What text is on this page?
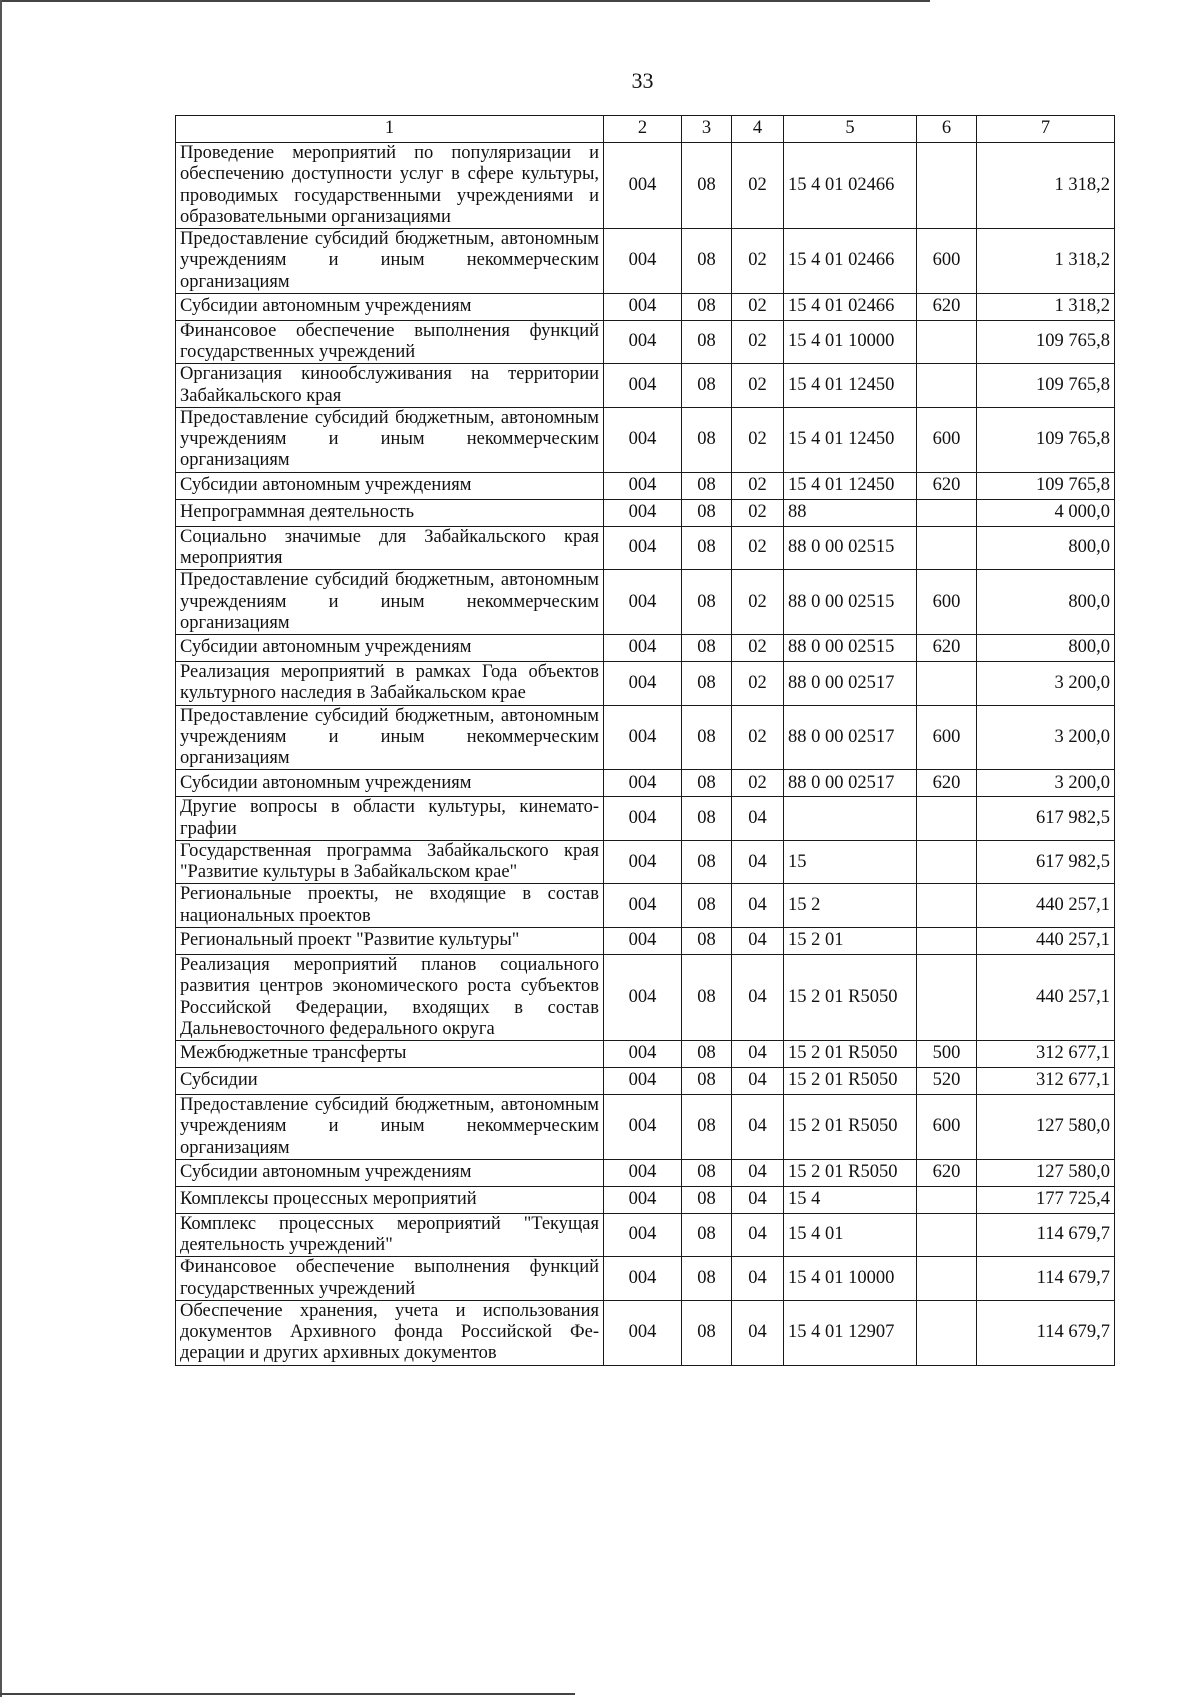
33
1	2	3	4	5	6	7
Проведение мероприятий по популяризации и обеспечению доступности услуг в сфере культуры, проводимых государственными учреждениями и образовательными организациями	004	08	02	15 4 01 02466		1 318,2
Предоставление субсидий бюджетным, автономным учреждениям и иным некоммерческим организациям	004	08	02	15 4 01 02466	600	1 318,2
Субсидии автономным учреждениям	004	08	02	15 4 01 02466	620	1 318,2
Финансовое обеспечение выполнения функций государственных учреждений	004	08	02	15 4 01 10000		109 765,8
Организация кинообслуживания на территории Забайкальского края	004	08	02	15 4 01 12450		109 765,8
Предоставление субсидий бюджетным, автономным учреждениям и иным некоммерческим организациям	004	08	02	15 4 01 12450	600	109 765,8
Субсидии автономным учреждениям	004	08	02	15 4 01 12450	620	109 765,8
Непрограммная деятельность	004	08	02	88		4 000,0
Социально значимые для Забайкальского края мероприятия	004	08	02	88 0 00 02515		800,0
Предоставление субсидий бюджетным, автономным учреждениям и иным некоммерческим организациям	004	08	02	88 0 00 02515	600	800,0
Субсидии автономным учреждениям	004	08	02	88 0 00 02515	620	800,0
Реализация мероприятий в рамках Года объектов культурного наследия в Забайкальском крае	004	08	02	88 0 00 02517		3 200,0
Предоставление субсидий бюджетным, автономным учреждениям и иным некоммерческим организациям	004	08	02	88 0 00 02517	600	3 200,0
Субсидии автономным учреждениям	004	08	02	88 0 00 02517	620	3 200,0
Другие вопросы в области культуры, кинематографии	004	08	04			617 982,5
Государственная программа Забайкальского края "Развитие культуры в Забайкальском крае"	004	08	04	15		617 982,5
Региональные проекты, не входящие в состав национальных проектов	004	08	04	15 2		440 257,1
Региональный проект "Развитие культуры"	004	08	04	15 2 01		440 257,1
Реализация мероприятий планов социального развития центров экономического роста субъектов Российской Федерации, входящих в состав Дальневосточного федерального округа	004	08	04	15 2 01 R5050		440 257,1
Межбюджетные трансферты	004	08	04	15 2 01 R5050	500	312 677,1
Субсидии	004	08	04	15 2 01 R5050	520	312 677,1
Предоставление субсидий бюджетным, автономным учреждениям и иным некоммерческим организациям	004	08	04	15 2 01 R5050	600	127 580,0
Субсидии автономным учреждениям	004	08	04	15 2 01 R5050	620	127 580,0
Комплексы процессных мероприятий	004	08	04	15 4		177 725,4
Комплекс процессных мероприятий "Текущая деятельность учреждений"	004	08	04	15 4 01		114 679,7
Финансовое обеспечение выполнения функций государственных учреждений	004	08	04	15 4 01 10000		114 679,7
Обеспечение хранения, учета и использования документов Архивного фонда Российской Федерации и других архивных документов	004	08	04	15 4 01 12907		114 679,7
